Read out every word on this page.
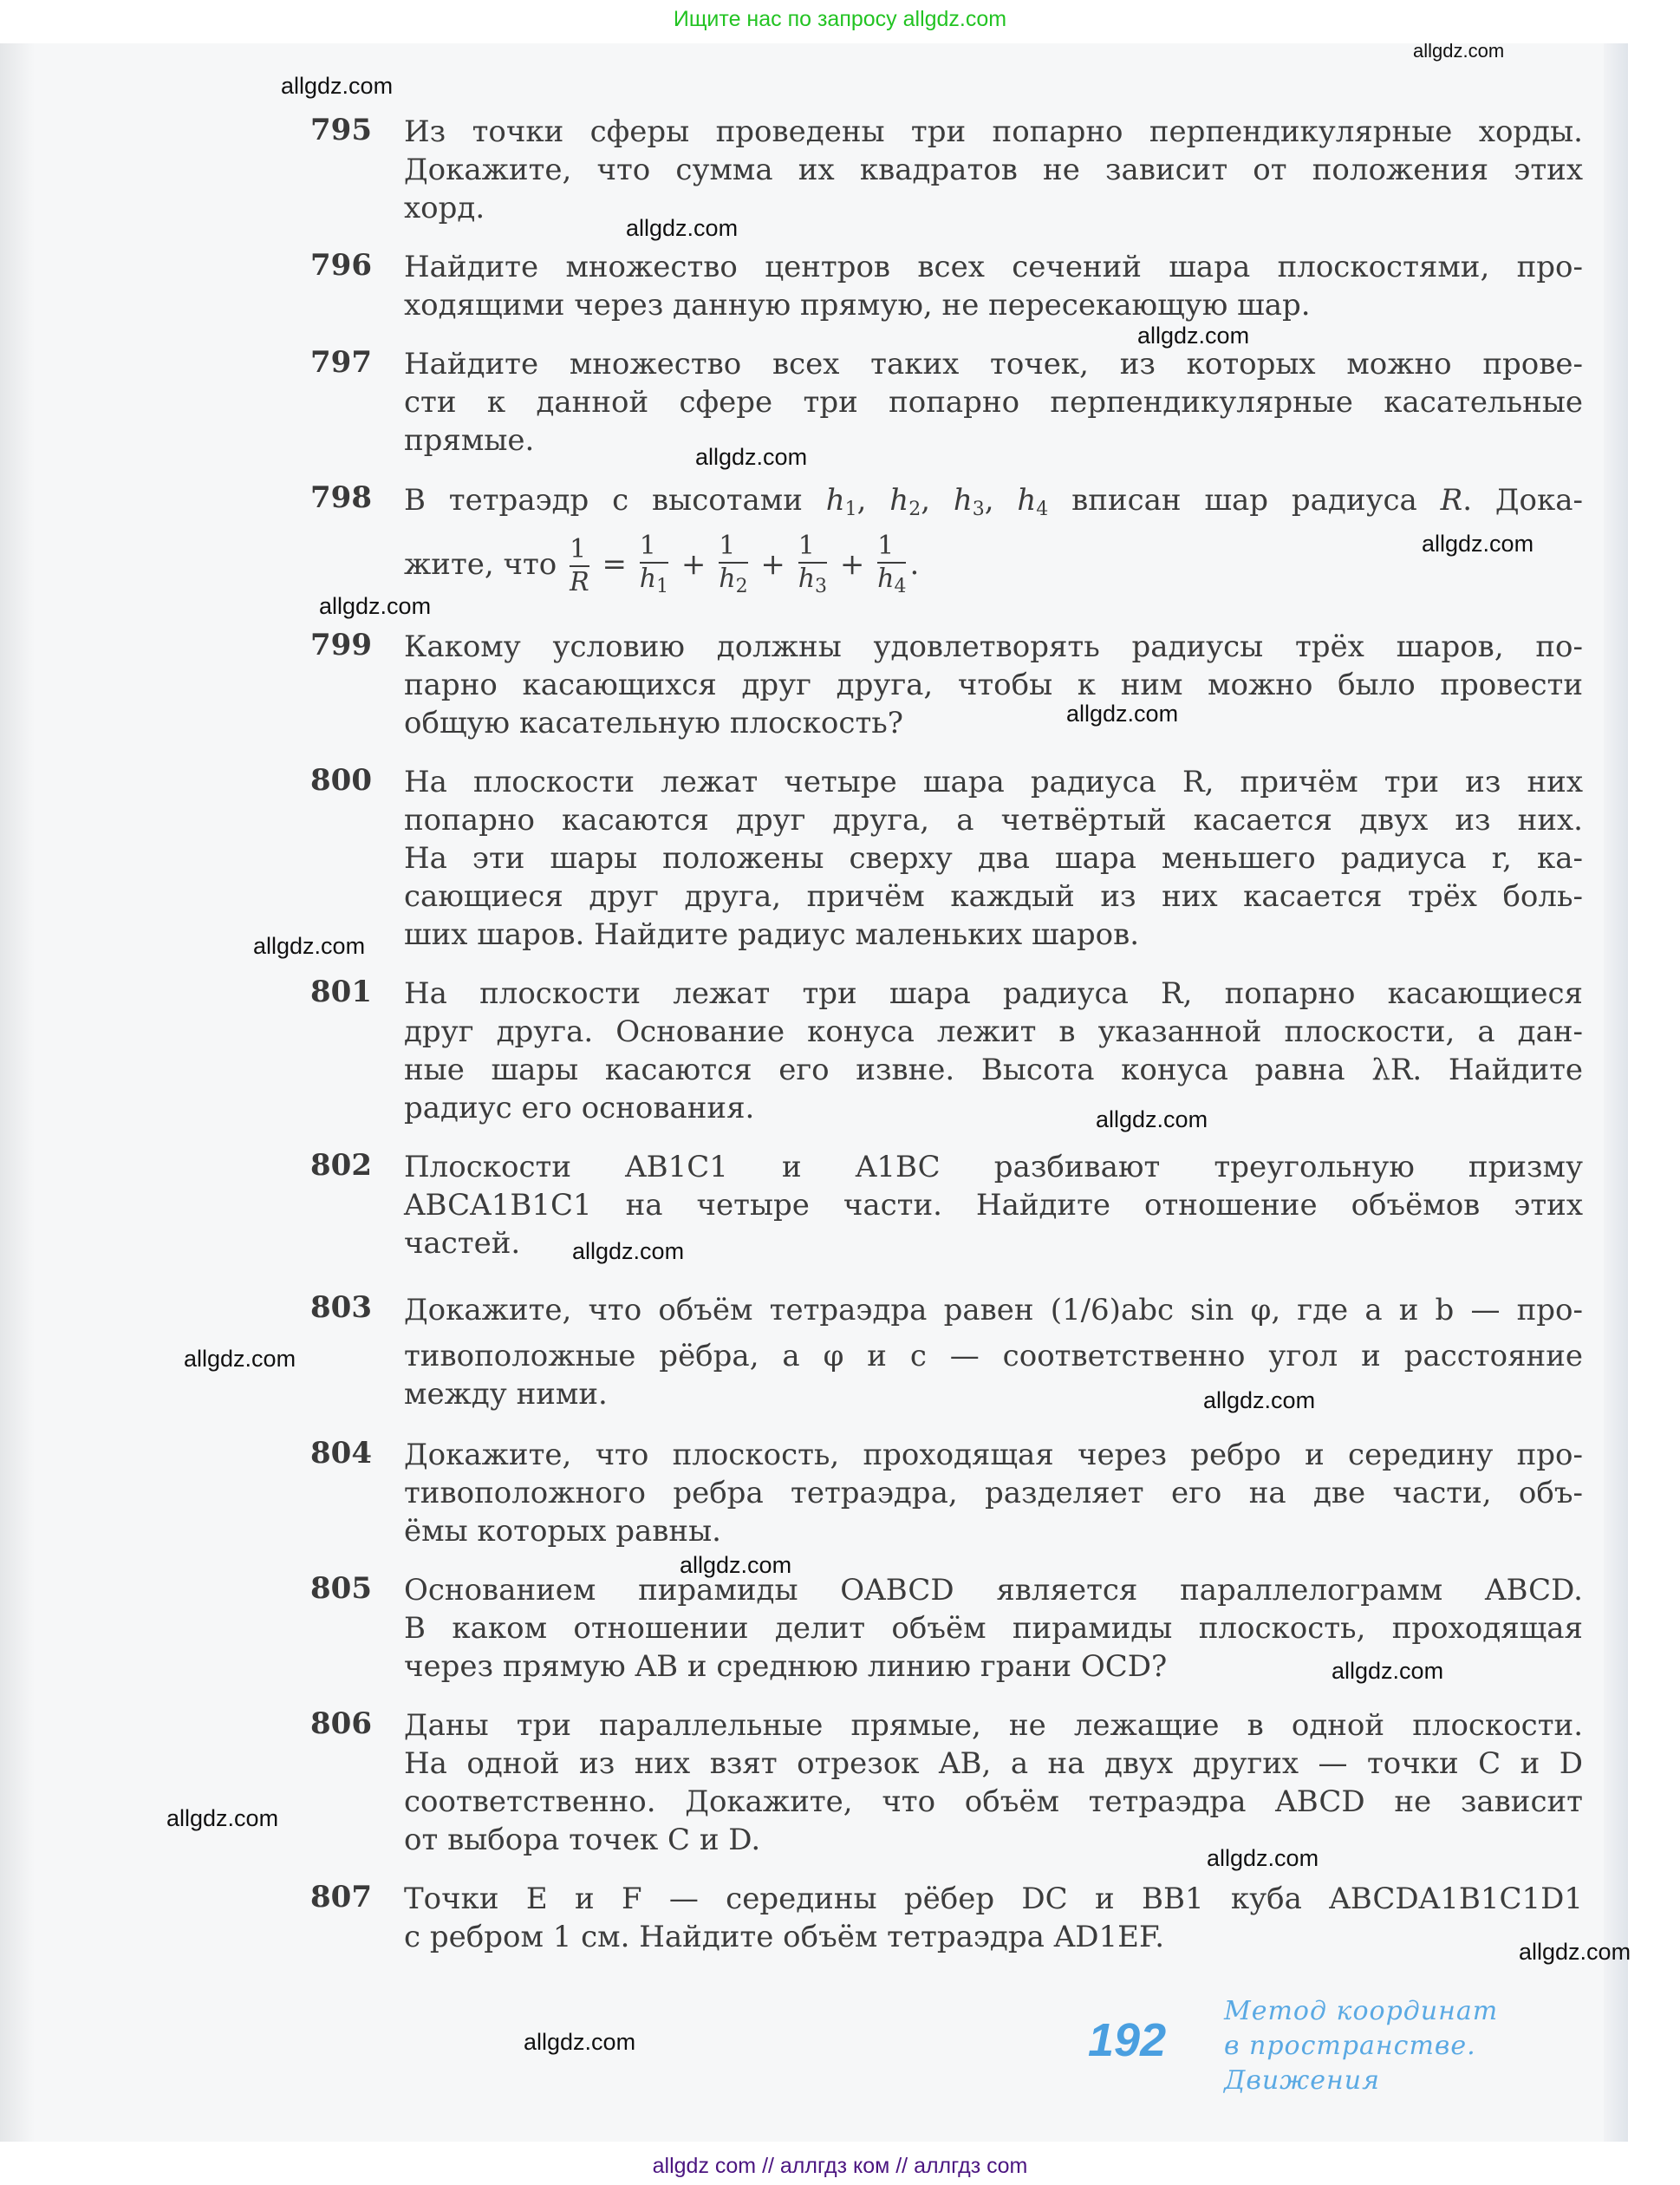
Ищите нас по запросу allgdz.com
795 Из точки сферы проведены три попарно перпендикулярные хорды.
Докажите, что сумма их квадратов не зависит от положения этих
хорд.
796 Найдите множество центров всех сечений шара плоскостями, про-
ходящими через данную прямую, не пересекающую шар.
797 Найдите множество всех таких точек, из которых можно прове-
сти к данной сфере три попарно перпендикулярные касательные
прямые.
798 В тетраэдр с высотами $h_1$, $h_2$, $h_3$, $h_4$ вписан шар радиуса R. Дока-
жите, что $\frac{1}{R} = \frac{1}{h_1} + \frac{1}{h_2} + \frac{1}{h_3} + \frac{1}{h_4}$ .
799 Какому условию должны удовлетворять радиусы трёх шаров, по-
парно касающихся друг друга, чтобы к ним можно было провести
общую касательную плоскость?
800 На плоскости лежат четыре шара радиуса R, причём три из них
попарно касаются друг друга, а четвёртый касается двух из них.
На эти шары положены сверху два шара меньшего радиуса r, ка-
сающиеся друг друга, причём каждый из них касается трёх боль-
ших шаров. Найдите радиус маленьких шаров.
801 На плоскости лежат три шара радиуса R, попарно касающиеся
друг друга. Основание конуса лежит в указанной плоскости, а дан-
ные шары касаются его извне. Высота конуса равна λR. Найдите
радиус его основания.
802 Плоскости AB1C1 и A1BC разбивают треугольную призму
ABCA1B1C1 на четыре части. Найдите отношение объёмов этих
частей.
803 Докажите, что объём тетраэдра равен (1/6)abc sin φ, где a и b — про-
тивоположные рёбра, а φ и c — соответственно угол и расстояние
между ними.
804 Докажите, что плоскость, проходящая через ребро и середину про-
тивоположного ребра тетраэдра, разделяет его на две части, объ-
ёмы которых равны.
805 Основанием пирамиды OABCD является параллелограмм ABCD.
В каком отношении делит объём пирамиды плоскость, проходящая
через прямую AB и среднюю линию грани OCD?
806 Даны три параллельные прямые, не лежащие в одной плоскости.
На одной из них взят отрезок AB, а на двух других — точки C и D
соответственно. Докажите, что объём тетраэдра ABCD не зависит
от выбора точек C и D.
807 Точки E и F — середины рёбер DC и BB1 куба ABCDA1B1C1D1
с ребром 1 см. Найдите объём тетраэдра AD1EF.
allgdz.com
allgdz.com
allgdz.com
allgdz.com
allgdz.com
allgdz.com
allgdz.com
allgdz.com
allgdz.com
allgdz.com
allgdz.com
allgdz.com
allgdz.com
allgdz.com
allgdz.com
allgdz.com
allgdz.com
allgdz.com
allgdz.com	192
Метод координат
в пространстве.
Движения
allgdz com // аллгдз ком // аллгдз com
